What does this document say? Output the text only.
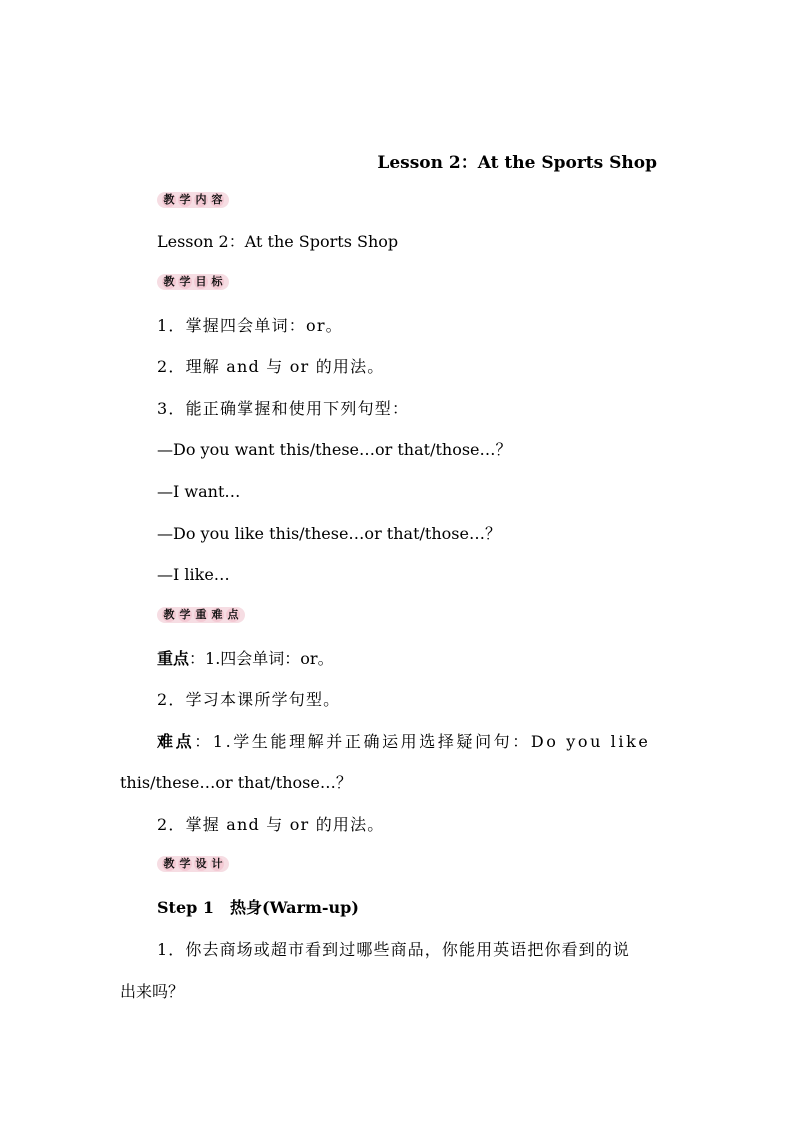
Lesson 2：At the Sports Shop
教 学 内 容
Lesson 2：At the Sports Shop
教 学 目 标
1．掌握四会单词：or。
2．理解 and 与 or 的用法。
3．能正确掌握和使用下列句型：
—Do you want this/these…or that/those…？
—I want…
—Do you like this/these…or that/those…？
—I like…
教 学 重 难 点
重点：1.四会单词：or。
2．学习本课所学句型。
难点：1.学生能理解并正确运用选择疑问句：Do you like
this/these…or that/those…？
2．掌握 and 与 or 的用法。
教 学 设 计
Step 1　热身(Warm-up)
1．你去商场或超市看到过哪些商品，你能用英语把你看到的说
出来吗？
